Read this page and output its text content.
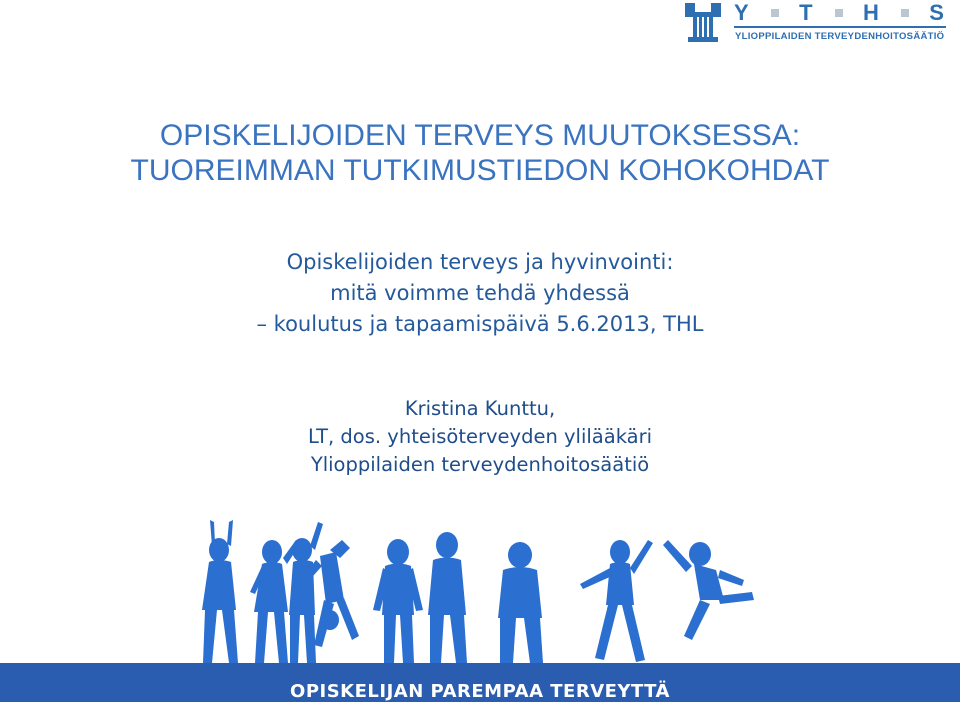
Y T H S
YLIOPPILAIDEN TERVEYDENHOITOSÄÄTIÖ
OPISKELIJOIDEN TERVEYS MUUTOKSESSA:
TUOREIMMAN TUTKIMUSTIEDON KOHOKOHDAT
Opiskelijoiden terveys ja hyvinvointi:
mitä voimme tehdä yhdessä
– koulutus ja tapaamispäivä 5.6.2013, THL
Kristina Kunttu,
LT, dos. yhteisöterveyden ylilääkäri
Ylioppilaiden terveydenhoitosäätiö
OPISKELIJAN PAREMPAA TERVEYTTÄ
